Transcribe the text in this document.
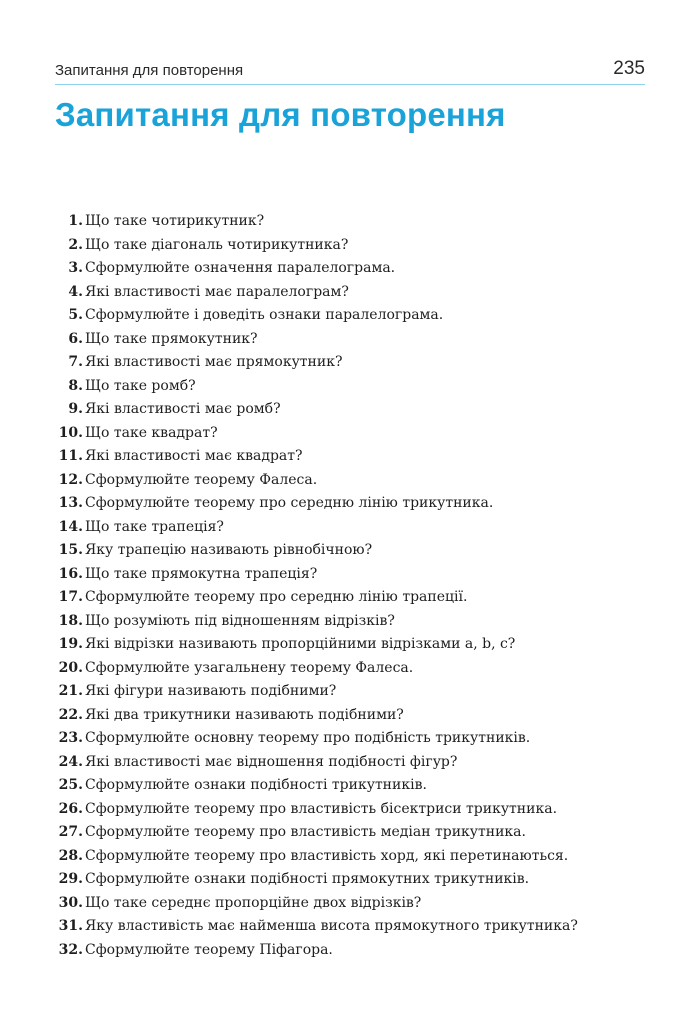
Запитання для повторення	235
Запитання для повторення
1. Що таке чотирикутник?
2. Що таке діагональ чотирикутника?
3. Сформулюйте означення паралелограма.
4. Які властивості має паралелограм?
5. Сформулюйте і доведіть ознаки паралелограма.
6. Що таке прямокутник?
7. Які властивості має прямокутник?
8. Що таке ромб?
9. Які властивості має ромб?
10. Що таке квадрат?
11. Які властивості має квадрат?
12. Сформулюйте теорему Фалеса.
13. Сформулюйте теорему про середню лінію трикутника.
14. Що таке трапеція?
15. Яку трапецію називають рівнобічною?
16. Що таке прямокутна трапеція?
17. Сформулюйте теорему про середню лінію трапеції.
18. Що розуміють під відношенням відрізків?
19. Які відрізки називають пропорційними відрізками a, b, c?
20. Сформулюйте узагальнену теорему Фалеса.
21. Які фігури називають подібними?
22. Які два трикутники називають подібними?
23. Сформулюйте основну теорему про подібність трикутників.
24. Які властивості має відношення подібності фігур?
25. Сформулюйте ознаки подібності трикутників.
26. Сформулюйте теорему про властивість бісектриси трикутника.
27. Сформулюйте теорему про властивість медіан трикутника.
28. Сформулюйте теорему про властивість хорд, які перетинаються.
29. Сформулюйте ознаки подібності прямокутних трикутників.
30. Що таке середнє пропорційне двох відрізків?
31. Яку властивість має найменша висота прямокутного трикутника?
32. Сформулюйте теорему Піфагора.
